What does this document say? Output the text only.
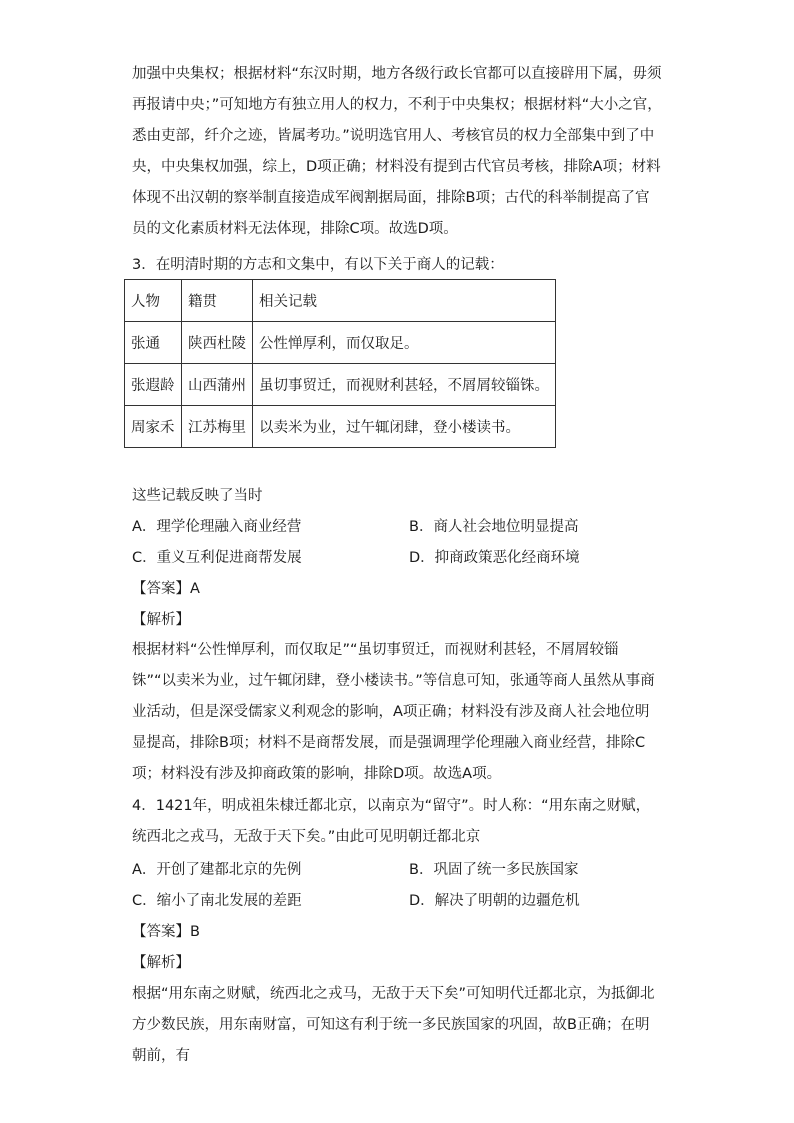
加强中央集权；根据材料“东汉时期，地方各级行政长官都可以直接辟用下属，毋须再报请中央；”可知地方有独立用人的权力，不利于中央集权；根据材料“大小之官，悉由吏部，纤介之迹，皆属考功。”说明选官用人、考核官员的权力全部集中到了中央，中央集权加强，综上，D项正确；材料没有提到古代官员考核，排除A项；材料体现不出汉朝的察举制直接造成军阀割据局面，排除B项；古代的科举制提高了官员的文化素质材料无法体现，排除C项。故选D项。

3．在明清时期的方志和文集中，有以下关于商人的记载：
人物	籍贯	相关记载
张通	陕西杜陵	公性惮厚利，而仅取足。
张遐龄	山西蒲州	虽切事贸迁，而视财利甚轻，不屑屑较锱铢。
周家禾	江苏梅里	以卖米为业，过午辄闭肆，登小楼读书。
这些记载反映了当时
A．理学伦理融入商业经营	B．商人社会地位明显提高
C．重义互利促进商帮发展	D．抑商政策恶化经商环境
【答案】A
【解析】

根据材料“公性惮厚利，而仅取足”“虽切事贸迁，而视财利甚轻，不屑屑较锱铢”“以卖米为业，过午辄闭肆，登小楼读书。”等信息可知，张通等商人虽然从事商业活动，但是深受儒家义利观念的影响，A项正确；材料没有涉及商人社会地位明显提高，排除B项；材料不是商帮发展，而是强调理学伦理融入商业经营，排除C项；材料没有涉及抑商政策的影响，排除D项。故选A项。

4．1421年，明成祖朱棣迁都北京，以南京为“留守”。时人称：“用东南之财赋，统西北之戎马，无敌于天下矣。”由此可见明朝迁都北京

A．开创了建都北京的先例	B．巩固了统一多民族国家
C．缩小了南北发展的差距	D．解决了明朝的边疆危机
【答案】B
【解析】

根据“用东南之财赋，统西北之戎马，无敌于天下矣”可知明代迁都北京，为抵御北方少数民族，用东南财富，可知这有利于统一多民族国家的巩固，故B正确；在明朝前，有
